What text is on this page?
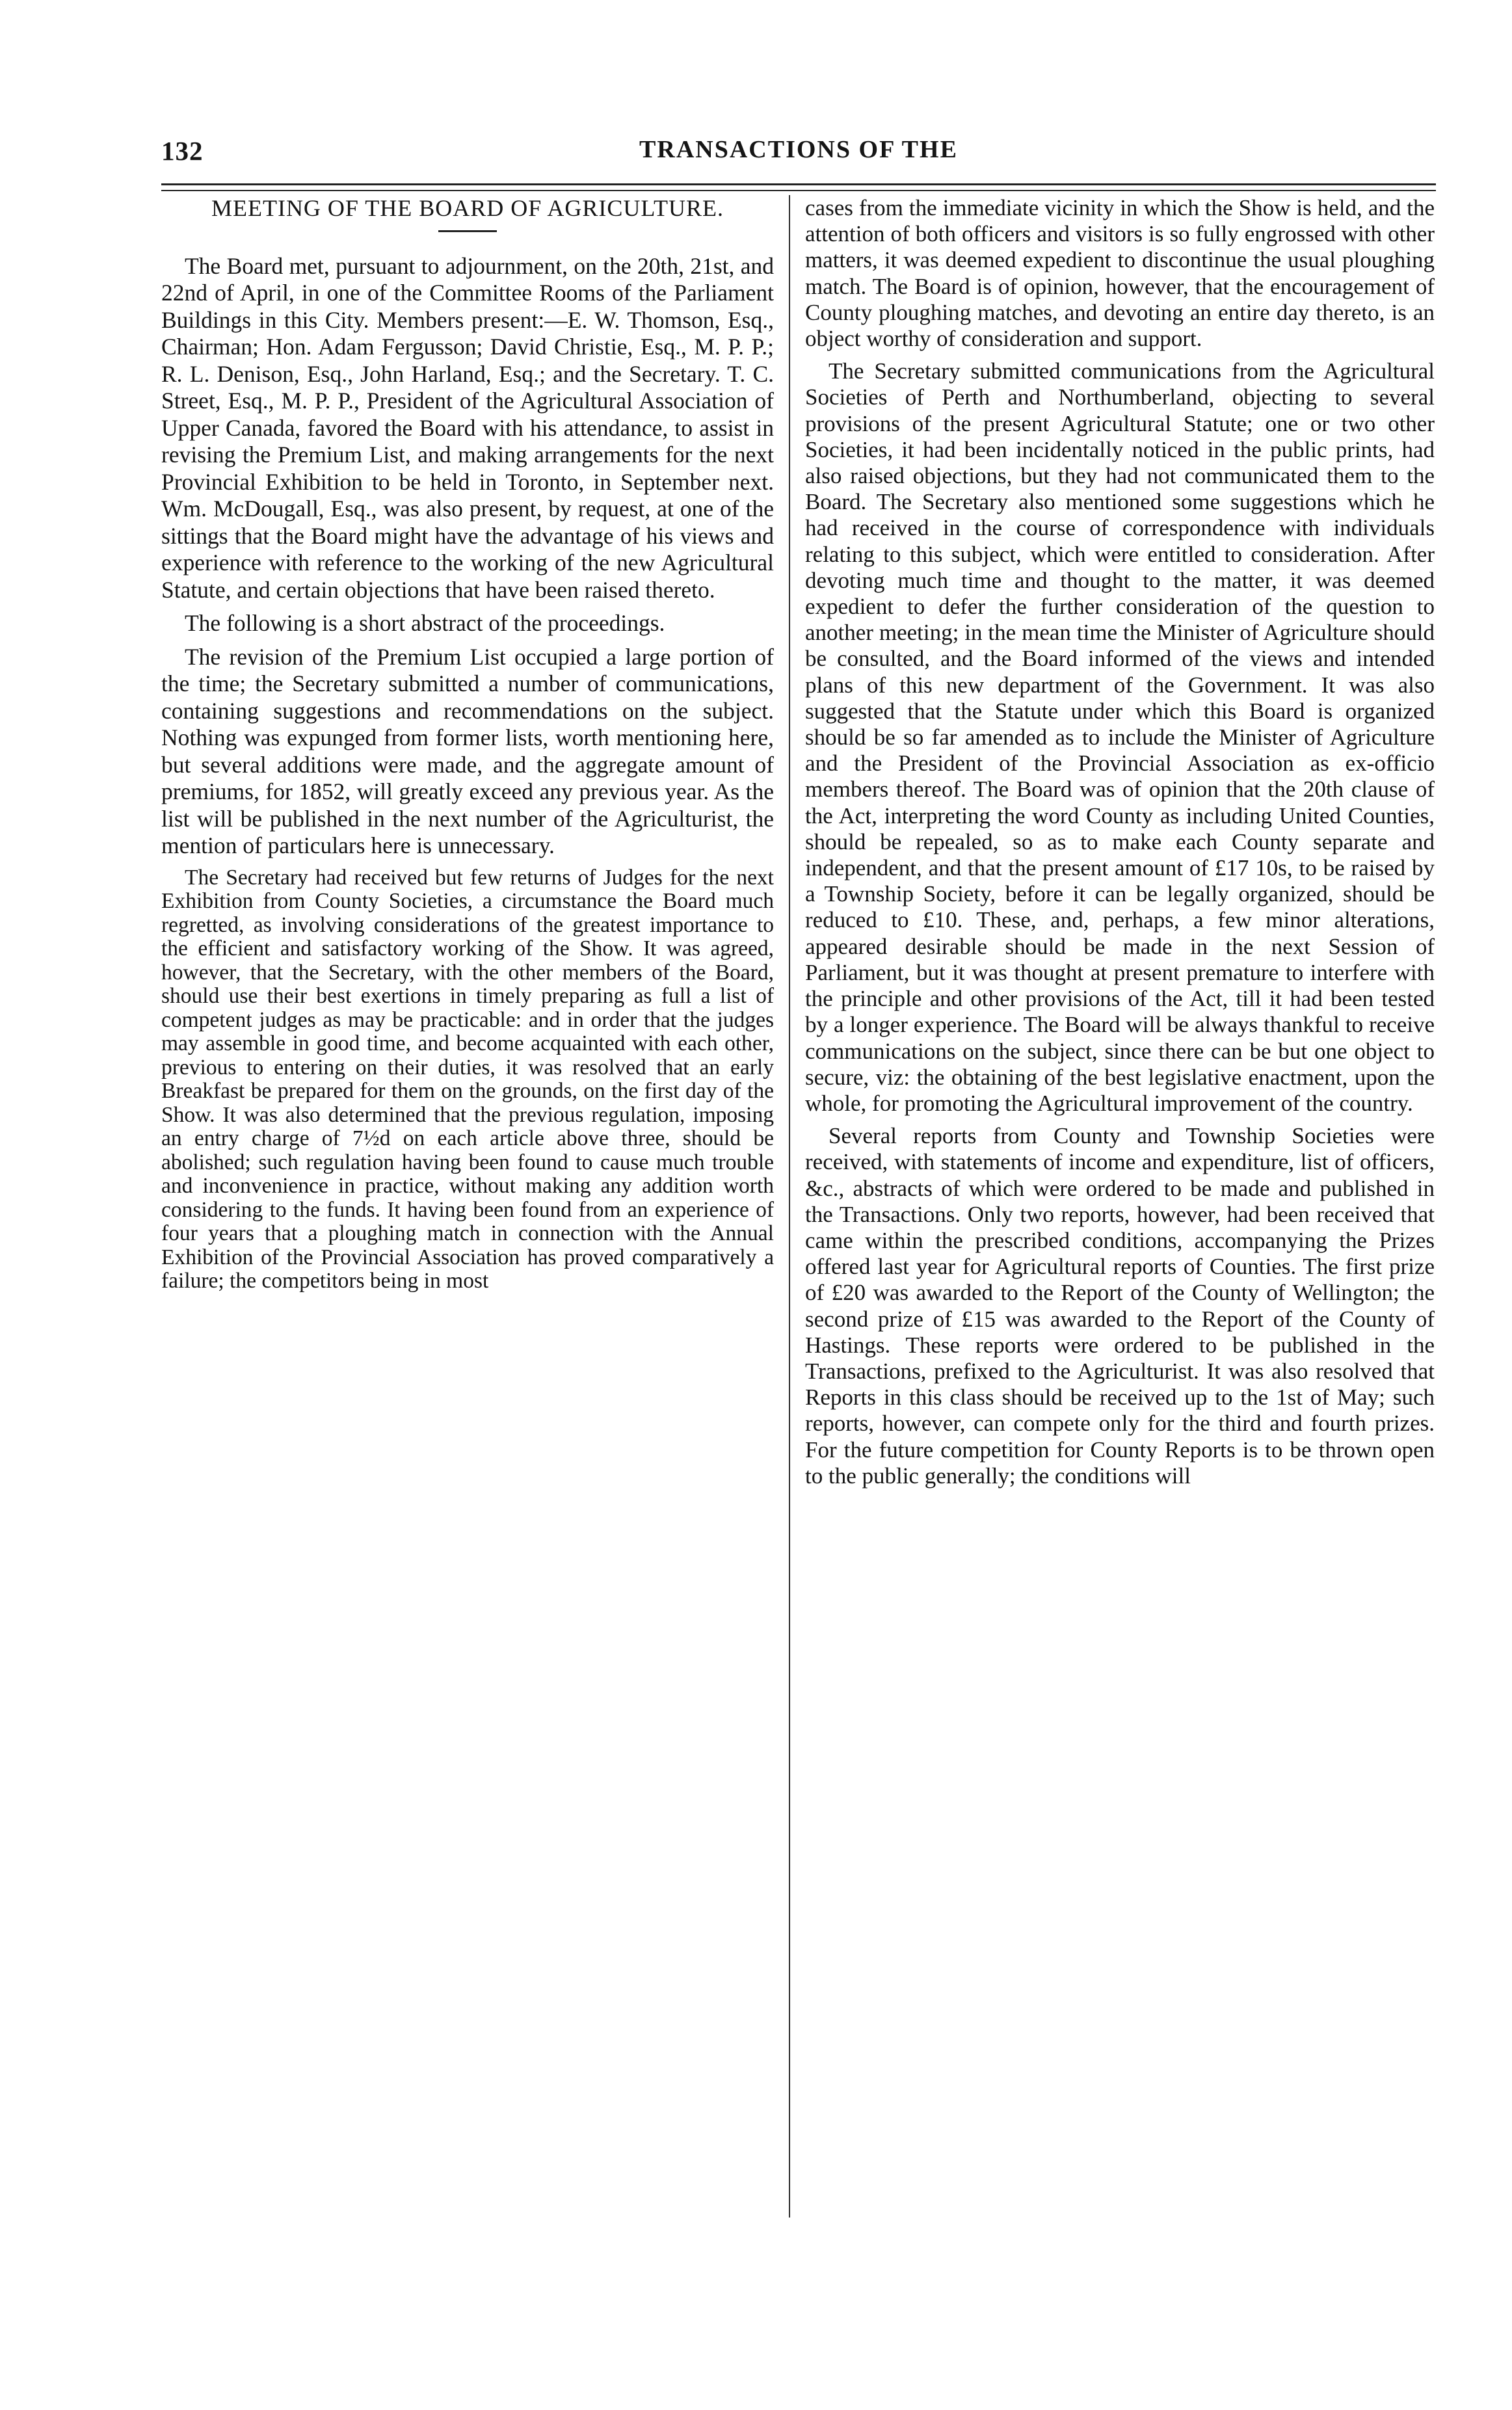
132	TRANSACTIONS OF THE
MEETING OF THE BOARD OF AGRICULTURE.

The Board met, pursuant to adjournment, on the 20th, 21st, and 22nd of April, in one of the Committee Rooms of the Parliament Buildings in this City. Members present:—E. W. Thomson, Esq., Chairman; Hon. Adam Fergusson; David Christie, Esq., M. P. P.; R. L. Denison, Esq., John Harland, Esq.; and the Secretary. T. C. Street, Esq., M. P. P., President of the Agricultural Association of Upper Canada, favored the Board with his attendance, to assist in revising the Premium List, and making arrangements for the next Provincial Exhibition to be held in Toronto, in September next. Wm. McDougall, Esq., was also present, by request, at one of the sittings that the Board might have the advantage of his views and experience with reference to the working of the new Agricultural Statute, and certain objections that have been raised thereto.

The following is a short abstract of the proceedings.

The revision of the Premium List occupied a large portion of the time; the Secretary submitted a number of communications, containing suggestions and recommendations on the subject. Nothing was expunged from former lists, worth mentioning here, but several additions were made, and the aggregate amount of premiums, for 1852, will greatly exceed any previous year. As the list will be published in the next number of the Agriculturist, the mention of particulars here is unnecessary.

The Secretary had received but few returns of Judges for the next Exhibition from County Societies, a circumstance the Board much regretted, as involving considerations of the greatest importance to the efficient and satisfactory working of the Show. It was agreed, however, that the Secretary, with the other members of the Board, should use their best exertions in timely preparing as full a list of competent judges as may be practicable: and in order that the judges may assemble in good time, and become acquainted with each other, previous to entering on their duties, it was resolved that an early Breakfast be prepared for them on the grounds, on the first day of the Show. It was also determined that the previous regulation, imposing an entry charge of 7½d on each article above three, should be abolished; such regulation having been found to cause much trouble and inconvenience in practice, without making any addition worth considering to the funds. It having been found from an experience of four years that a ploughing match in connection with the Annual Exhibition of the Provincial Association has proved comparatively a failure; the competitors being in most

cases from the immediate vicinity in which the Show is held, and the attention of both officers and visitors is so fully engrossed with other matters, it was deemed expedient to discontinue the usual ploughing match. The Board is of opinion, however, that the encouragement of County ploughing matches, and devoting an entire day thereto, is an object worthy of consideration and support.

The Secretary submitted communications from the Agricultural Societies of Perth and Northumberland, objecting to several provisions of the present Agricultural Statute; one or two other Societies, it had been incidentally noticed in the public prints, had also raised objections, but they had not communicated them to the Board. The Secretary also mentioned some suggestions which he had received in the course of correspondence with individuals relating to this subject, which were entitled to consideration. After devoting much time and thought to the matter, it was deemed expedient to defer the further consideration of the question to another meeting; in the mean time the Minister of Agriculture should be consulted, and the Board informed of the views and intended plans of this new department of the Government. It was also suggested that the Statute under which this Board is organized should be so far amended as to include the Minister of Agriculture and the President of the Provincial Association as ex-officio members thereof. The Board was of opinion that the 20th clause of the Act, interpreting the word County as including United Counties, should be repealed, so as to make each County separate and independent, and that the present amount of £17 10s, to be raised by a Township Society, before it can be legally organized, should be reduced to £10. These, and, perhaps, a few minor alterations, appeared desirable should be made in the next Session of Parliament, but it was thought at present premature to interfere with the principle and other provisions of the Act, till it had been tested by a longer experience. The Board will be always thankful to receive communications on the subject, since there can be but one object to secure, viz: the obtaining of the best legislative enactment, upon the whole, for promoting the Agricultural improvement of the country.

Several reports from County and Township Societies were received, with statements of income and expenditure, list of officers, &c., abstracts of which were ordered to be made and published in the Transactions. Only two reports, however, had been received that came within the prescribed conditions, accompanying the Prizes offered last year for Agricultural reports of Counties. The first prize of £20 was awarded to the Report of the County of Wellington; the second prize of £15 was awarded to the Report of the County of Hastings. These reports were ordered to be published in the Transactions, prefixed to the Agriculturist. It was also resolved that Reports in this class should be received up to the 1st of May; such reports, however, can compete only for the third and fourth prizes. For the future competition for County Reports is to be thrown open to the public generally; the conditions will
